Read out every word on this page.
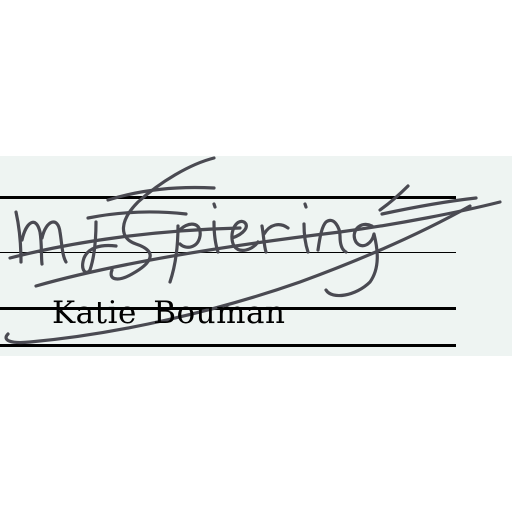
Katie Bouman
